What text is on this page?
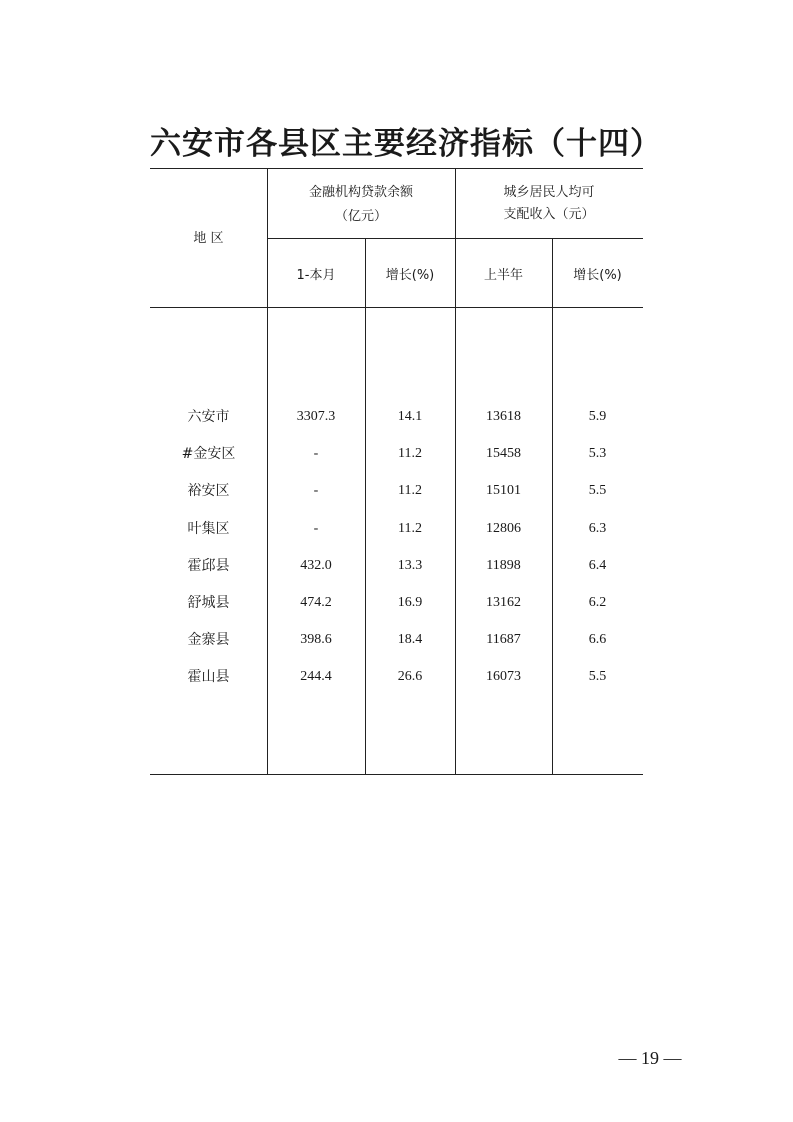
六安市各县区主要经济指标（十四）
地 区
金融机构贷款余额
（亿元）
城乡居民人均可
支配收入（元）
1-本月	增长(%)	上半年	增长(%)
六安市	3307.3	14.1	13618	5.9
#金安区	-	11.2	15458	5.3
裕安区	-	11.2	15101	5.5
叶集区	-	11.2	12806	6.3
霍邱县	432.0	13.3	11898	6.4
舒城县	474.2	16.9	13162	6.2
金寨县	398.6	18.4	11687	6.6
霍山县	244.4	26.6	16073	5.5
— 19 —
